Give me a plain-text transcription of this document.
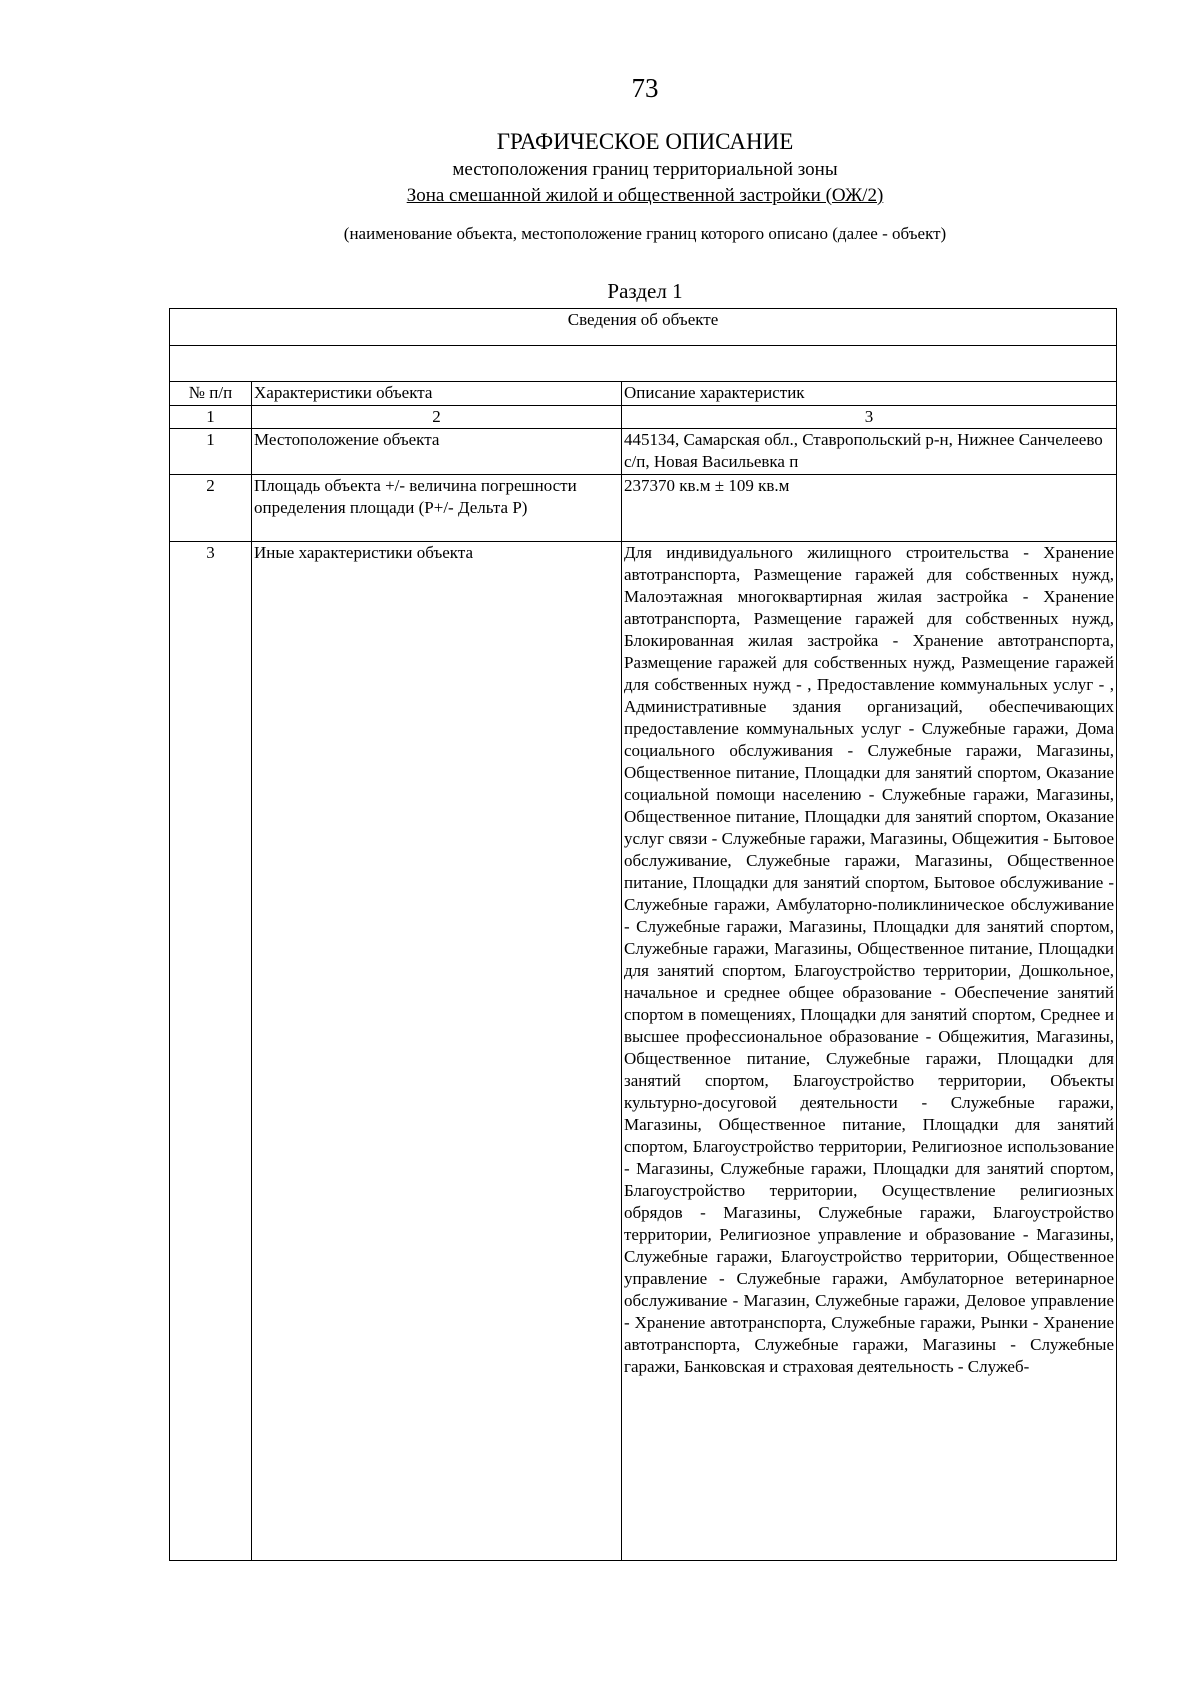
73
ГРАФИЧЕСКОЕ ОПИСАНИЕ
местоположения границ территориальной зоны
Зона смешанной жилой и общественной застройки (ОЖ/2)
(наименование объекта, местоположение границ которого описано (далее - объект)
Раздел 1
Сведения об объекте		

№ п/п	Характеристики объекта	Описание характеристик
1	2	3
1	Местоположение объекта	445134, Самарская обл., Ставропольский р-н, Нижнее Санчелеево с/п, Новая Васильевка п
2	Площадь объекта +/- величина погрешности определения площади (Р+/- Дельта Р)	237370 кв.м ± 109 кв.м
3	Иные характеристики объекта	Для индивидуального жилищного строительства - Хранение автотранспорта, Размещение гаражей для собственных нужд, Малоэтажная многоквартирная жилая застройка - Хранение автотранспорта, Размещение гаражей для собственных нужд, Блокированная жилая застройка - Хранение автотранспорта, Размещение гаражей для собственных нужд, Размещение гаражей для собственных нужд - , Предоставление коммунальных услуг - , Административные здания организаций, обеспечивающих предоставление коммунальных услуг - Служебные гаражи, Дома социального обслуживания - Служебные гаражи, Магазины, Общественное питание, Площадки для занятий спортом, Оказание социальной помощи населению - Служебные гаражи, Магазины, Общественное питание, Площадки для занятий спортом, Оказание услуг связи - Служебные гаражи, Магазины, Общежития - Бытовое обслуживание, Служебные гаражи, Магазины, Общественное питание, Площадки для занятий спортом, Бытовое обслуживание - Служебные гаражи, Амбулаторно-поликлиническое обслуживание - Служебные гаражи, Магазины, Площадки для занятий спортом, Служебные гаражи, Магазины, Общественное питание, Площадки для занятий спортом, Благоустройство территории, Дошкольное, начальное и среднее общее образование - Обеспечение занятий спортом в помещениях, Площадки для занятий спортом, Среднее и высшее профессиональное образование - Общежития, Магазины, Общественное питание, Служебные гаражи, Площадки для занятий спортом, Благоустройство территории, Объекты культурно-досуговой деятельности - Служебные гаражи, Магазины, Общественное питание, Площадки для занятий спортом, Благоустройство территории, Религиозное использование - Магазины, Служебные гаражи, Площадки для занятий спортом, Благоустройство территории, Осуществление религиозных обрядов - Магазины, Служебные гаражи, Благоустройство территории, Религиозное управление и образование - Магазины, Служебные гаражи, Благоустройство территории, Общественное управление - Служебные гаражи, Амбулаторное ветеринарное обслуживание - Магазин, Служебные гаражи, Деловое управление - Хранение автотранспорта, Служебные гаражи, Рынки - Хранение автотранспорта, Служебные гаражи, Магазины - Служебные гаражи, Банковская и страховая деятельность - Служеб-
